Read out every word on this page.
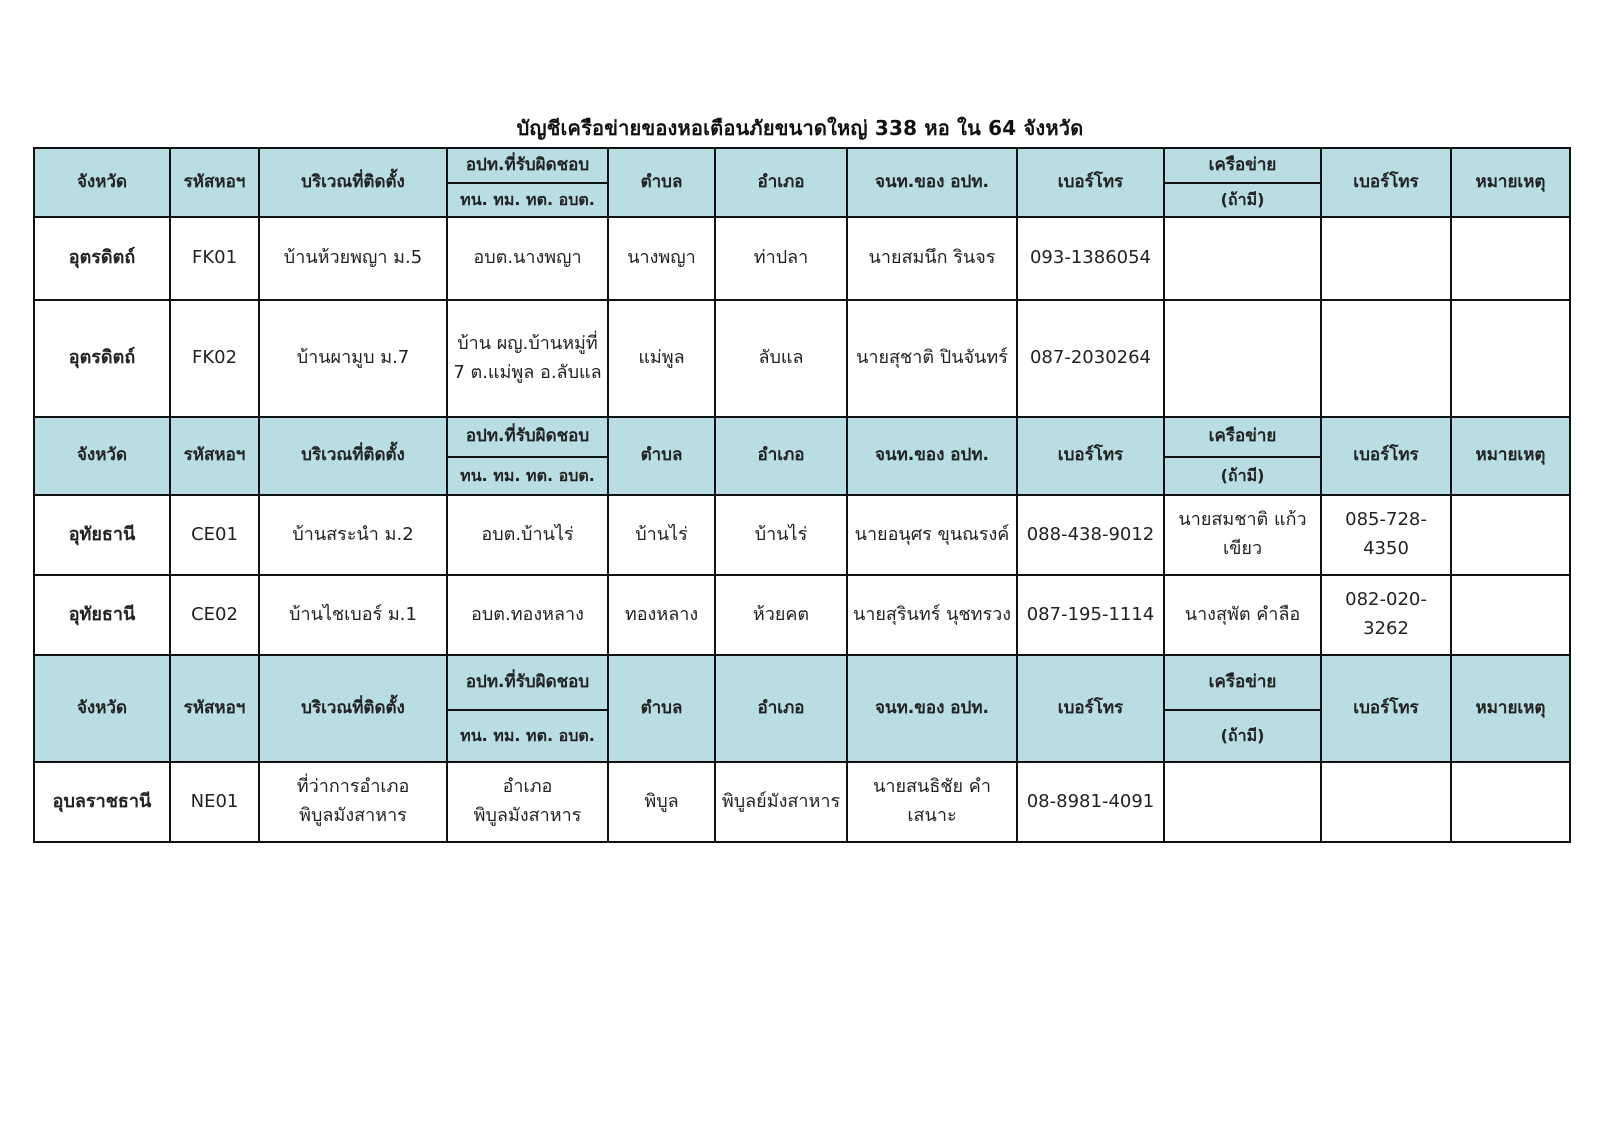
บัญชีเครือข่ายของหอเตือนภัยขนาดใหญ่ 338 หอ ใน 64 จังหวัด
จังหวัด	รหัสหอฯ	บริเวณที่ติดตั้ง	อปท.ที่รับผิดชอบ	ตำบล	อำเภอ	จนท.ของ อปท.	เบอร์โทร	เครือข่าย	เบอร์โทร	หมายเหตุ
			ทน. ทม. ทต. อบต.					(ถ้ามี)		
อุตรดิตถ์	FK01	บ้านห้วยพญา ม.5	อบต.นางพญา	นางพญา	ท่าปลา	นายสมนึก รินจร	093-1386054			
อุตรดิตถ์	FK02	บ้านผามูบ ม.7	บ้าน ผญ.บ้านหมู่ที่ 7 ต.แม่พูล อ.ลับแล	แม่พูล	ลับแล	นายสุชาติ ปินจันทร์	087-2030264			
จังหวัด	รหัสหอฯ	บริเวณที่ติดตั้ง	อปท.ที่รับผิดชอบ	ตำบล	อำเภอ	จนท.ของ อปท.	เบอร์โทร	เครือข่าย	เบอร์โทร	หมายเหตุ
			ทน. ทม. ทต. อบต.					(ถ้ามี)		
อุทัยธานี	CE01	บ้านสระนำ ม.2	อบต.บ้านไร่	บ้านไร่	บ้านไร่	นายอนุศร ขุนณรงค์	088-438-9012	นายสมชาติ แก้วเขียว	085-728-4350	
อุทัยธานี	CE02	บ้านไชเบอร์ ม.1	อบต.ทองหลาง	ทองหลาง	ห้วยคต	นายสุรินทร์ นุชทรวง	087-195-1114	นางสุพัต คำลือ	082-020-3262	
จังหวัด	รหัสหอฯ	บริเวณที่ติดตั้ง	อปท.ที่รับผิดชอบ	ตำบล	อำเภอ	จนท.ของ อปท.	เบอร์โทร	เครือข่าย	เบอร์โทร	หมายเหตุ
			ทน. ทม. ทต. อบต.					(ถ้ามี)		
อุบลราชธานี	NE01	ที่ว่าการอำเภอพิบูลมังสาหาร	อำเภอพิบูลมังสาหาร	พิบูล	พิบูลย์มังสาหาร	นายสนธิชัย คำเสนาะ	08-8981-4091			
